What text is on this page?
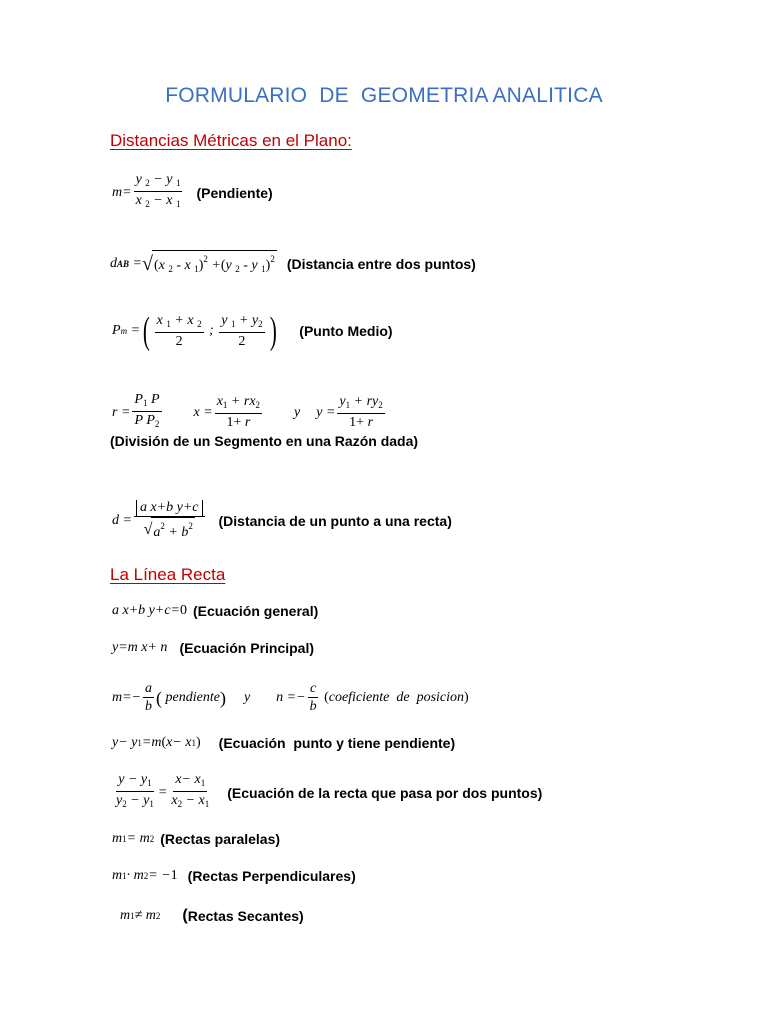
FORMULARIO  DE  GEOMETRIA ANALITICA
Distancias Métricas en el Plano:
$m= \frac{y _2 - y _1}{x _2 - x _1}$ (Pendiente)
d AB = √ (x $_2$ - x $_1$)$^2$ +(y $_2$ - y $_1$)$^2$ (Distancia entre dos puntos)
P m = ( $\frac{x _1 + x _2}{2}$ ; $\frac{y _1 + y_2}{2}$ ) (Punto Medio)
$r = \frac{P_1 P}{P P_2}$ $x = \frac{x_1 + rx_2}{1+ r}$ y $y = \frac{y_1 + ry_2}{1+ r}$
(División de un Segmento en una Razón dada)
$d = \frac{\text{a x+b y+c}}{√ a^2 + b^2}$ (Distancia de un punto a una recta)
La Línea Recta
a x+b y+c= 0 (Ecuación general)
y=m x+ n (Ecuación Principal)
$m=- \frac{a}{b}$ (
pendiente ) y $n =- \frac{c}{b}$
( coeficiente  de  posicion )
y− y 1 =m ( x− x 1 ) (Ecuación  punto y tiene pendiente)
$\frac{y - y_1}{y_2 - y_1} = \frac{x- x_1}{x_2 - x_1}$ (Ecuación de la recta que pasa por dos puntos)
m 1 = m 2 (Rectas paralelas)
m 1 · m 2 = − 1 (Rectas Perpendiculares)
m 1 ≠ m 2 ( Rectas Secantes)
